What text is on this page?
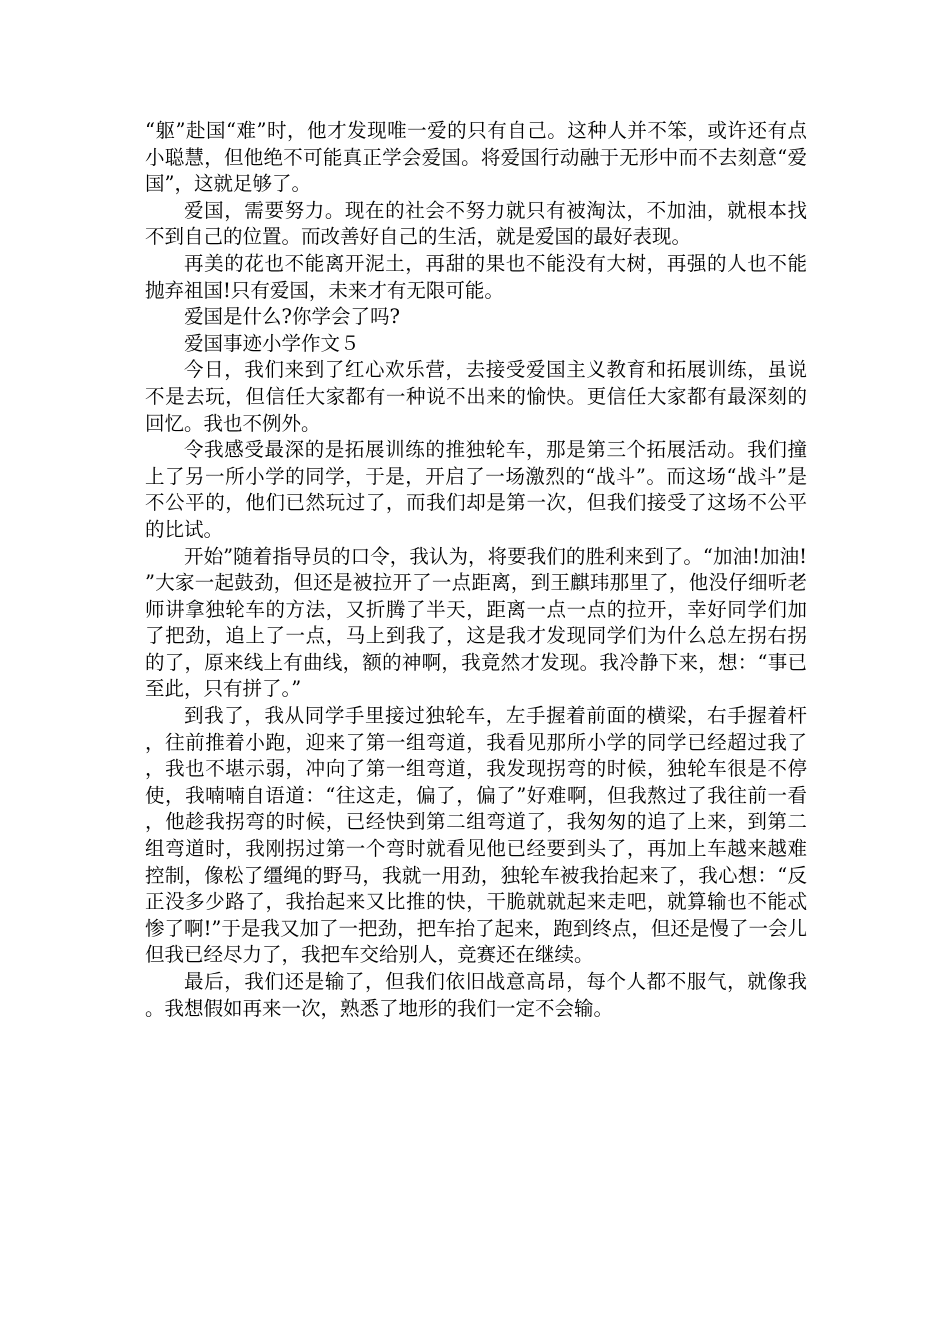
“躯”赴国“难”时，他才发现唯一爱的只有自己。这种人并不笨，或许还有点小聪慧，但他绝不可能真正学会爱国。将爱国行动融于无形中而不去刻意“爱国”，这就足够了。

爱国，需要努力。现在的社会不努力就只有被淘汰，不加油，就根本找不到自己的位置。而改善好自己的生活，就是爱国的最好表现。

再美的花也不能离开泥土，再甜的果也不能没有大树，再强的人也不能抛弃祖国!只有爱国，未来才有无限可能。

爱国是什么?你学会了吗?

爱国事迹小学作文５

今日，我们来到了红心欢乐营，去接受爱国主义教育和拓展训练，虽说不是去玩，但信任大家都有一种说不出来的愉快。更信任大家都有最深刻的回忆。我也不例外。

令我感受最深的是拓展训练的推独轮车，那是第三个拓展活动。我们撞上了另一所小学的同学，于是，开启了一场激烈的“战斗”。而这场“战斗”是不公平的，他们已然玩过了，而我们却是第一次，但我们接受了这场不公平的比试。

开始”随着指导员的口令，我认为，将要我们的胜利来到了。“加油!加油!”大家一起鼓劲，但还是被拉开了一点距离，到王麒玮那里了，他没仔细听老师讲拿独轮车的方法，又折腾了半天，距离一点一点的拉开，幸好同学们加了把劲，追上了一点，马上到我了，这是我才发现同学们为什么总左拐右拐的了，原来线上有曲线，额的神啊，我竟然才发现。我冷静下来，想：“事已至此，只有拼了。”

到我了，我从同学手里接过独轮车，左手握着前面的横梁，右手握着杆，往前推着小跑，迎来了第一组弯道，我看见那所小学的同学已经超过我了，我也不堪示弱，冲向了第一组弯道，我发现拐弯的时候，独轮车很是不停使，我喃喃自语道：“往这走，偏了，偏了”好难啊，但我熬过了我往前一看，他趁我拐弯的时候，已经快到第二组弯道了，我匆匆的追了上来，到第二组弯道时，我刚拐过第一个弯时就看见他已经要到头了，再加上车越来越难控制，像松了缰绳的野马，我就一用劲，独轮车被我抬起来了，我心想：“反正没多少路了，我抬起来又比推的快，干脆就就起来走吧，就算输也不能忒惨了啊!”于是我又加了一把劲，把车抬了起来，跑到终点，但还是慢了一会儿但我已经尽力了，我把车交给别人，竞赛还在继续。

最后，我们还是输了，但我们依旧战意高昂，每个人都不服气，就像我。我想假如再来一次，熟悉了地形的我们一定不会输。
